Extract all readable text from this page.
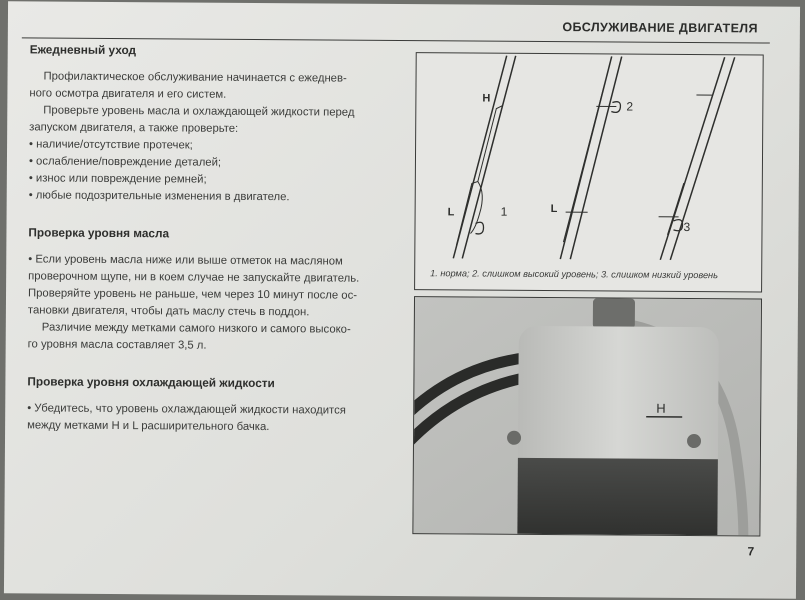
ОБСЛУЖИВАНИЕ ДВИГАТЕЛЯ
Ежедневный уход

Профилактическое обслуживание начинается с ежеднев-
ного осмотра двигателя и его систем.

Проверьте уровень масла и охлаждающей жидкости перед
запуском двигателя, а также проверьте:

• наличие/отсутствие протечек;
• ослабление/повреждение деталей;
• износ или повреждение ремней;
• любые подозрительные изменения в двигателе.
Проверка уровня масла

• Если уровень масла ниже или выше отметок на масляном
проверочном щупе, ни в коем случае не запускайте двигатель.
Проверяйте уровень не раньше, чем через 10 минут после ос-
тановки двигателя, чтобы дать маслу стечь в поддон.

Различие между метками самого низкого и самого высоко-
го уровня масла составляет 3,5 л.

Проверка уровня охлаждающей жидкости

• Убедитесь, что уровень охлаждающей жидкости находится
между метками H и L расширительного бачка.

H
L	L
1
2
3
1. норма; 2. слишком высокий уровень; 3. слишком низкий уровень
H
7
